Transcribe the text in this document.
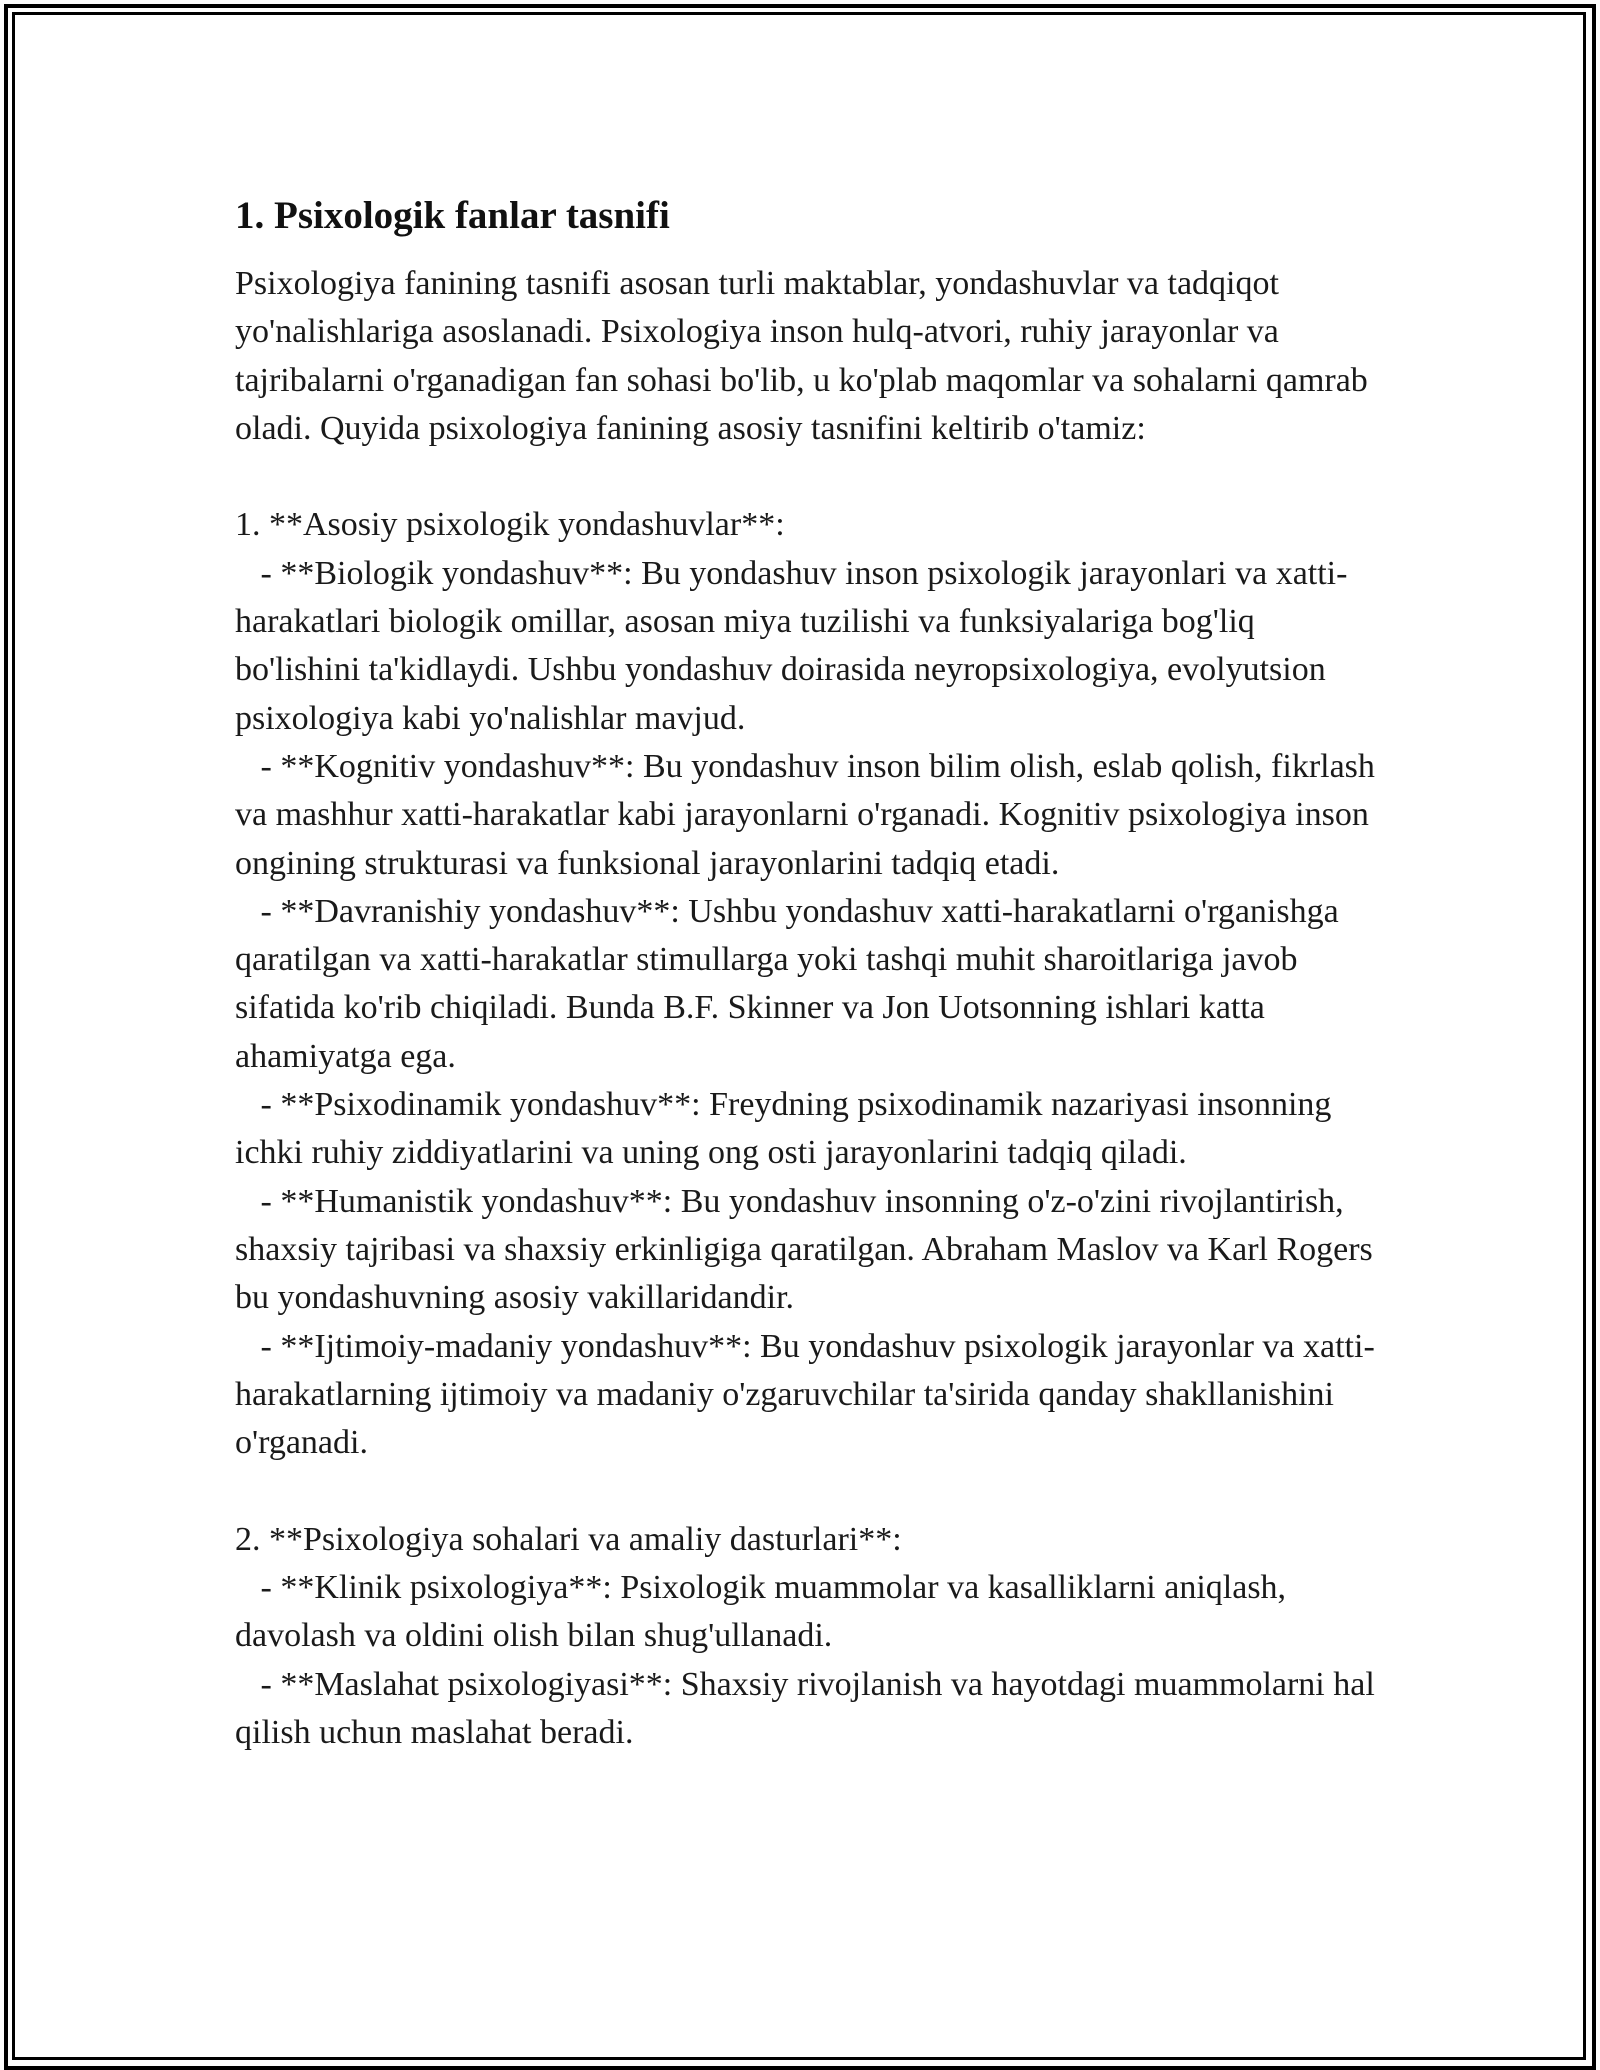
1. Psixologik fanlar tasnifi

Psixologiya fanining tasnifi asosan turli maktablar, yondashuvlar va tadqiqot yo'nalishlariga asoslanadi. Psixologiya inson hulq-atvori, ruhiy jarayonlar va tajribalarni o'rganadigan fan sohasi bo'lib, u ko'plab maqomlar va sohalarni qamrab oladi. Quyida psixologiya fanining asosiy tasnifini keltirib o'tamiz:

1. **Asosiy psixologik yondashuvlar**:

- **Biologik yondashuv**: Bu yondashuv inson psixologik jarayonlari va xatti-harakatlari biologik omillar, asosan miya tuzilishi va funksiyalariga bog'liq bo'lishini ta'kidlaydi. Ushbu yondashuv doirasida neyropsixologiya, evolyutsion psixologiya kabi yo'nalishlar mavjud.

- **Kognitiv yondashuv**: Bu yondashuv inson bilim olish, eslab qolish, fikrlash va mashhur xatti-harakatlar kabi jarayonlarni o'rganadi. Kognitiv psixologiya inson ongining strukturasi va funksional jarayonlarini tadqiq etadi.

- **Davranishiy yondashuv**: Ushbu yondashuv xatti-harakatlarni o'rganishga qaratilgan va xatti-harakatlar stimullarga yoki tashqi muhit sharoitlariga javob sifatida ko'rib chiqiladi. Bunda B.F. Skinner va Jon Uotsonning ishlari katta ahamiyatga ega.

- **Psixodinamik yondashuv**: Freydning psixodinamik nazariyasi insonning ichki ruhiy ziddiyatlarini va uning ong osti jarayonlarini tadqiq qiladi.

- **Humanistik yondashuv**: Bu yondashuv insonning o'z-o'zini rivojlantirish, shaxsiy tajribasi va shaxsiy erkinligiga qaratilgan. Abraham Maslov va Karl Rogers bu yondashuvning asosiy vakillaridandir.

- **Ijtimoiy-madaniy yondashuv**: Bu yondashuv psixologik jarayonlar va xatti-harakatlarning ijtimoiy va madaniy o'zgaruvchilar ta'sirida qanday shakllanishini o'rganadi.

2. **Psixologiya sohalari va amaliy dasturlari**:

- **Klinik psixologiya**: Psixologik muammolar va kasalliklarni aniqlash, davolash va oldini olish bilan shug'ullanadi.

- **Maslahat psixologiyasi**: Shaxsiy rivojlanish va hayotdagi muammolarni hal qilish uchun maslahat beradi.
